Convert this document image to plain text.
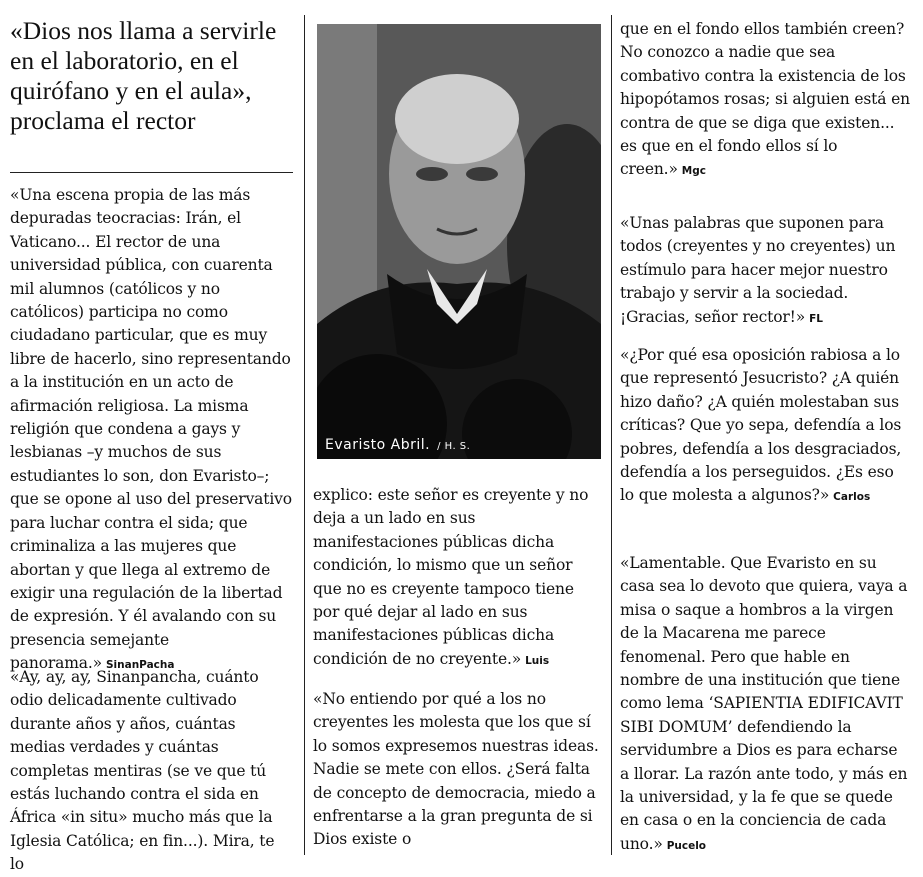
«Dios nos llama a servirle en el laboratorio, en el quirófano y en el aula», proclama el rector

«Una escena propia de las más depuradas teocracias: Irán, el Vaticano... El rector de una universidad pública, con cuarenta mil alumnos (católicos y no católicos) participa no como ciudadano particular, que es muy libre de hacerlo, sino representando a la institución en un acto de afirmación religiosa. La misma religión que condena a gays y lesbianas –y muchos de sus estudiantes lo son, don Evaristo–; que se opone al uso del preservativo para luchar contra el sida; que criminaliza a las mujeres que abortan y que llega al extremo de exigir una regulación de la libertad de expresión. Y él avalando con su presencia semejante panorama.» SinanPacha

«Ay, ay, ay, Sinanpancha, cuánto odio delicadamente cultivado durante años y años, cuántas medias verdades y cuántas completas mentiras (se ve que tú estás luchando contra el sida en África «in situ» mucho más que la Iglesia Católica; en fin...). Mira, te lo

Evaristo Abril. / H. S.

explico: este señor es creyente y no deja a un lado en sus manifestaciones públicas dicha condición, lo mismo que un señor que no es creyente tampoco tiene por qué dejar al lado en sus manifestaciones públicas dicha condición de no creyente.» Luis

«No entiendo por qué a los no creyentes les molesta que los que sí lo somos expresemos nuestras ideas. Nadie se mete con ellos. ¿Será falta de concepto de democracia, miedo a enfrentarse a la gran pregunta de si Dios existe o

que en el fondo ellos también creen? No conozco a nadie que sea combativo contra la existencia de los hipopótamos rosas; si alguien está en contra de que se diga que existen... es que en el fondo ellos sí lo creen.» Mgc

«Unas palabras que suponen para todos (creyentes y no creyentes) un estímulo para hacer mejor nuestro trabajo y servir a la sociedad. ¡Gracias, señor rector!» FL

«¿Por qué esa oposición rabiosa a lo que representó Jesucristo? ¿A quién hizo daño? ¿A quién molestaban sus críticas? Que yo sepa, defendía a los pobres, defendía a los desgraciados, defendía a los perseguidos. ¿Es eso lo que molesta a algunos?» Carlos

«Lamentable. Que Evaristo en su casa sea lo devoto que quiera, vaya a misa o saque a hombros a la virgen de la Macarena me parece fenomenal. Pero que hable en nombre de una institución que tiene como lema ‘SAPIENTIA EDIFICAVIT SIBI DOMUM’ defendiendo la servidumbre a Dios es para echarse a llorar. La razón ante todo, y más en la universidad, y la fe que se quede en casa o en la conciencia de cada uno.» Pucelo
